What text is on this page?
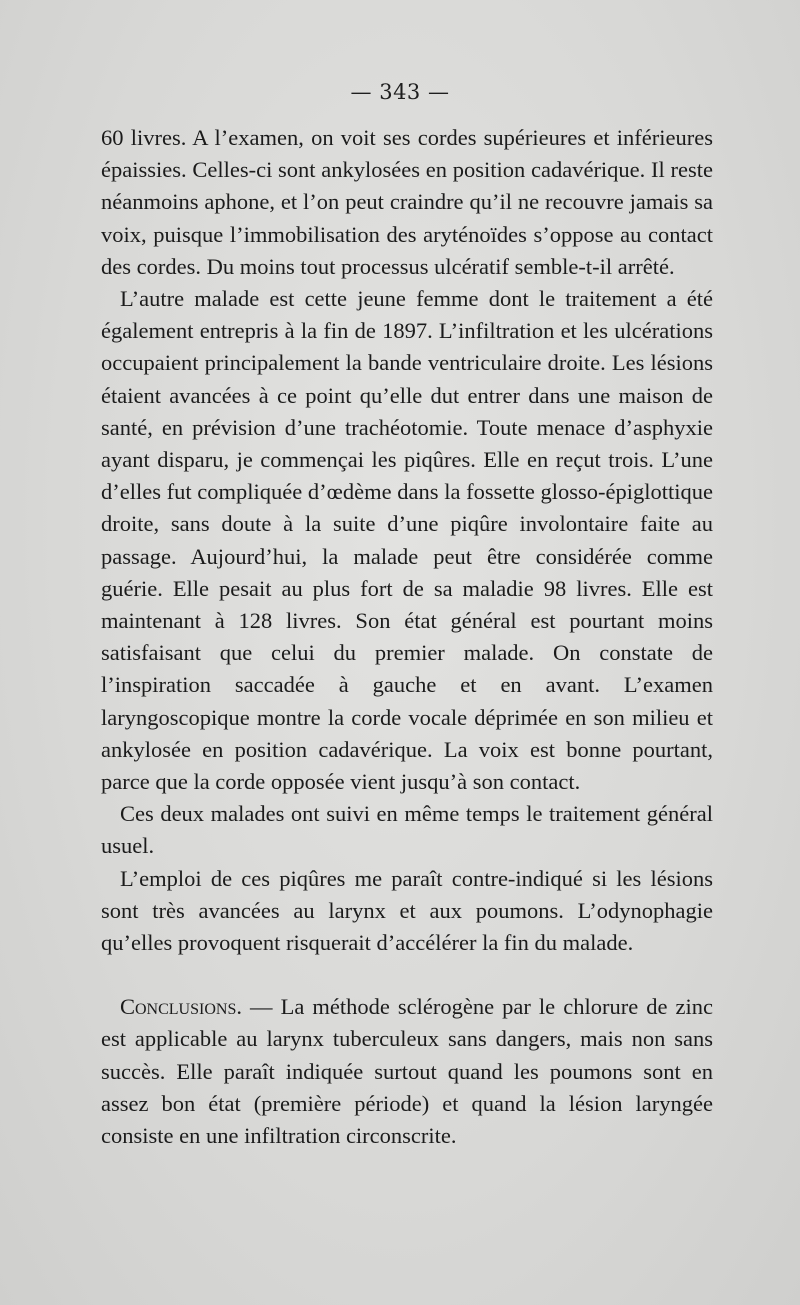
— 343 —

60 livres. A l’examen, on voit ses cordes supérieures et inférieures épaissies. Celles-ci sont ankylosées en position cadavérique. Il reste néanmoins aphone, et l’on peut craindre qu’il ne recouvre jamais sa voix, puisque l’immobilisation des aryténoïdes s’oppose au contact des cordes. Du moins tout processus ulcératif semble-t-il arrêté.

L’autre malade est cette jeune femme dont le traitement a été également entrepris à la fin de 1897. L’infiltration et les ulcérations occupaient principalement la bande ventriculaire droite. Les lésions étaient avancées à ce point qu’elle dut entrer dans une maison de santé, en prévision d’une trachéotomie. Toute menace d’asphyxie ayant disparu, je commençai les piqûres. Elle en reçut trois. L’une d’elles fut compliquée d’œdème dans la fossette glosso-épiglottique droite, sans doute à la suite d’une piqûre involontaire faite au passage. Aujourd’hui, la malade peut être considérée comme guérie. Elle pesait au plus fort de sa maladie 98 livres. Elle est maintenant à 128 livres. Son état général est pourtant moins satisfaisant que celui du premier malade. On constate de l’inspiration saccadée à gauche et en avant. L’examen laryngoscopique montre la corde vocale déprimée en son milieu et ankylosée en position cadavérique. La voix est bonne pourtant, parce que la corde opposée vient jusqu’à son contact.

Ces deux malades ont suivi en même temps le traitement général usuel.

L’emploi de ces piqûres me paraît contre-indiqué si les lésions sont très avancées au larynx et aux poumons. L’odynophagie qu’elles provoquent risquerait d’accélérer la fin du malade.

Conclusions. — La méthode sclérogène par le chlorure de zinc est applicable au larynx tuberculeux sans dangers, mais non sans succès. Elle paraît indiquée surtout quand les poumons sont en assez bon état (première période) et quand la lésion laryngée consiste en une infiltration circonscrite.
